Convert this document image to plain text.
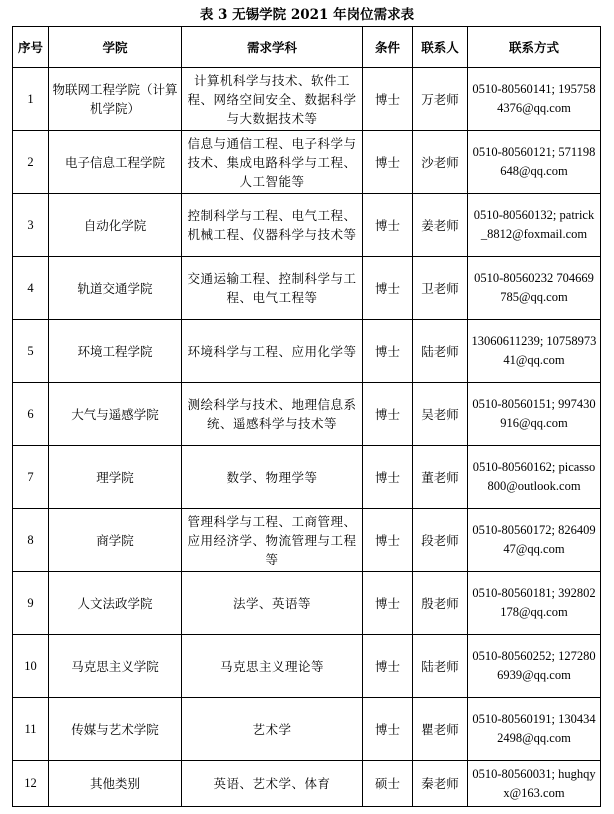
表 3 无锡学院 2021 年岗位需求表
序号	学院	需求学科	条件	联系人	联系方式
1	物联网工程学院（计算机学院）	计算机科学与技术、软件工程、网络空间安全、数据科学与大数据技术等	博士	万老师	0510-80560141; 1957584376@qq.com
2	电子信息工程学院	信息与通信工程、电子科学与技术、集成电路科学与工程、人工智能等	博士	沙老师	0510-80560121; 571198648@qq.com
3	自动化学院	控制科学与工程、电气工程、机械工程、仪器科学与技术等	博士	姜老师	0510-80560132; patrick_8812@foxmail.com
4	轨道交通学院	交通运输工程、控制科学与工程、电气工程等	博士	卫老师	0510-80560232 704669785@qq.com
5	环境工程学院	环境科学与工程、应用化学等	博士	陆老师	13060611239; 1075897341@qq.com
6	大气与遥感学院	测绘科学与技术、地理信息系统、遥感科学与技术等	博士	吴老师	0510-80560151; 997430916@qq.com
7	理学院	数学、物理学等	博士	董老师	0510-80560162; picasso800@outlook.com
8	商学院	管理科学与工程、工商管理、应用经济学、物流管理与工程等	博士	段老师	0510-80560172; 82640947@qq.com
9	人文法政学院	法学、英语等	博士	殷老师	0510-80560181; 392802178@qq.com
10	马克思主义学院	马克思主义理论等	博士	陆老师	0510-80560252; 1272806939@qq.com
11	传媒与艺术学院	艺术学	博士	瞿老师	0510-80560191; 1304342498@qq.com
12	其他类别	英语、艺术学、体育	硕士	秦老师	0510-80560031; hughqyx@163.com
